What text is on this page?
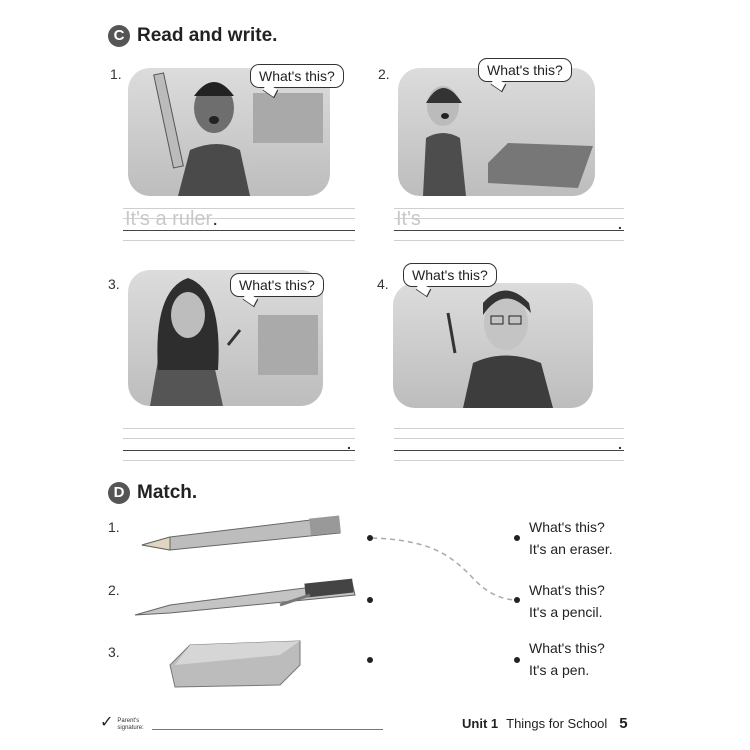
C Read and write.
1.	What's this?
It's a ruler .
2.	What's this?
It's	.
3.	What's this?
.
4.
What's this?
.
D Match.
1.
2.
3.
What's this?
It's an eraser.
What's this?
It's a pencil.
What's this?
It's a pen.
✓ Parent's
signature:	Unit 1 Things for School 5
